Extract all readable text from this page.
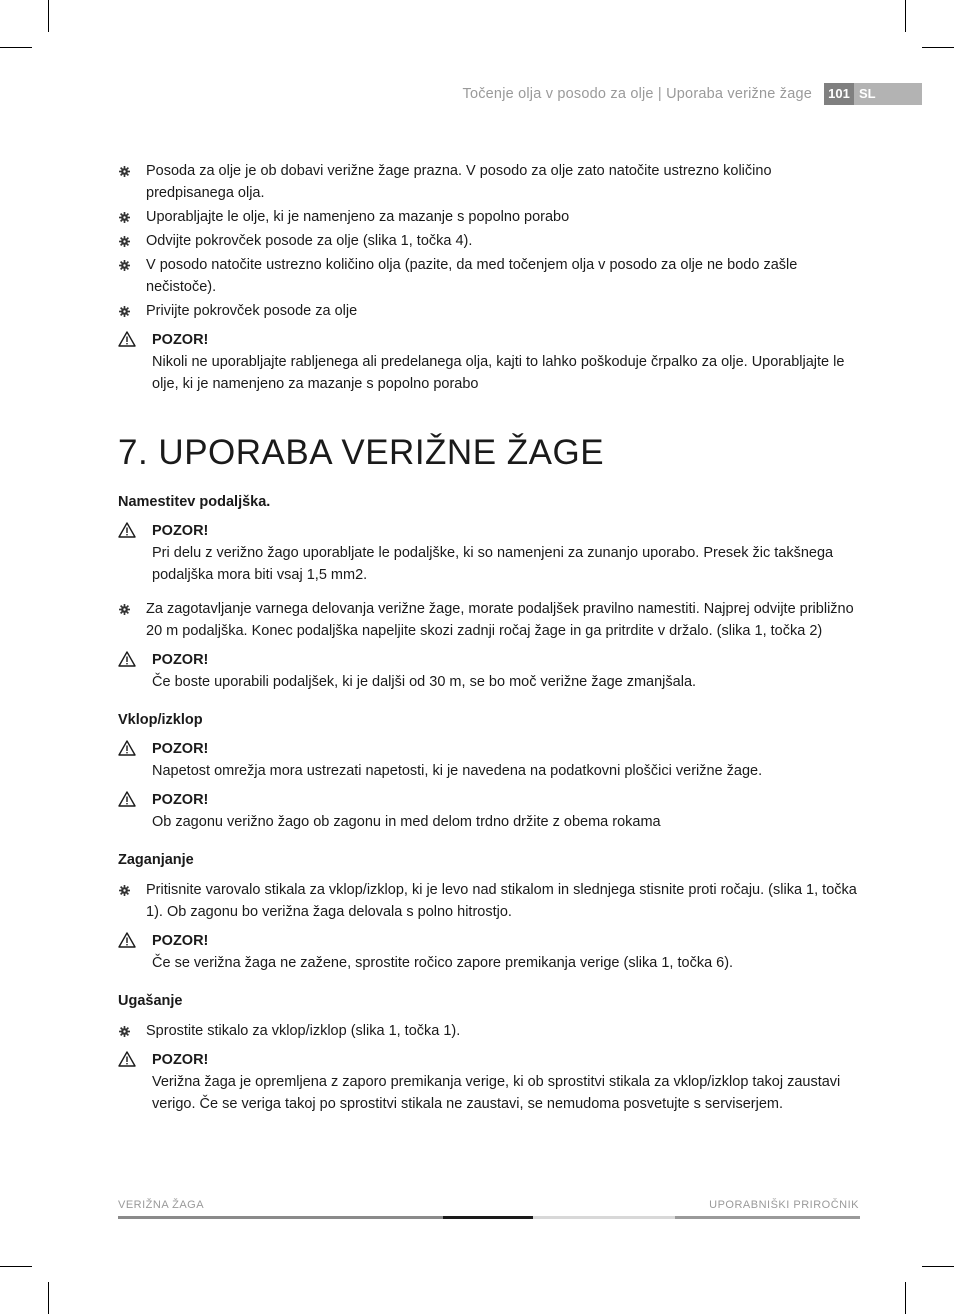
Točenje olja v posodo za olje | Uporaba verižne žage	101 SL
Posoda za olje je ob dobavi verižne žage prazna. V posodo za olje zato natočite ustrezno količino predpisanega olja.
Uporabljajte le olje, ki je namenjeno za mazanje s popolno porabo
Odvijte pokrovček posode za olje (slika 1, točka 4).
V posodo natočite ustrezno količino olja (pazite, da med točenjem olja v posodo za olje ne bodo zašle nečistoče).
Privijte pokrovček posode za olje
POZOR!
Nikoli ne uporabljajte rabljenega ali predelanega olja, kajti to lahko poškoduje črpalko za olje. Uporabljajte le olje, ki je namenjeno za mazanje s popolno porabo
7. UPORABA VERIŽNE ŽAGE
Namestitev podaljška.
POZOR!
Pri delu z verižno žago uporabljate le podaljške, ki so namenjeni za zunanjo uporabo. Presek žic takšnega podaljška mora biti vsaj 1,5 mm2.
Za zagotavljanje varnega delovanja verižne žage, morate podaljšek pravilno namestiti. Najprej odvijte približno 20 m podaljška. Konec podaljška napeljite skozi zadnji ročaj žage in ga pritrdite v držalo. (slika 1, točka 2)
POZOR!
Če boste uporabili podaljšek, ki je daljši od 30 m, se bo moč verižne žage zmanjšala.
Vklop/izklop
POZOR!
Napetost omrežja mora ustrezati napetosti, ki je navedena na podatkovni ploščici verižne žage.
POZOR!
Ob zagonu verižno žago ob zagonu in med delom trdno držite z obema rokama
Zaganjanje
Pritisnite varovalo stikala za vklop/izklop, ki je levo nad stikalom in slednjega stisnite proti ročaju. (slika 1, točka 1). Ob zagonu bo verižna žaga delovala s polno hitrostjo.
POZOR!
Če se verižna žaga ne zažene, sprostite ročico zapore premikanja verige (slika 1, točka 6).
Ugašanje
Sprostite stikalo za vklop/izklop (slika 1, točka 1).
POZOR!
Verižna žaga je opremljena z zaporo premikanja verige, ki ob sprostitvi stikala za vklop/izklop takoj zaustavi verigo. Če se veriga takoj po sprostitvi stikala ne zaustavi, se nemudoma posvetujte s serviserjem.
VERIŽNA ŽAGA	UPORABNIŠKI PRIROČNIK
